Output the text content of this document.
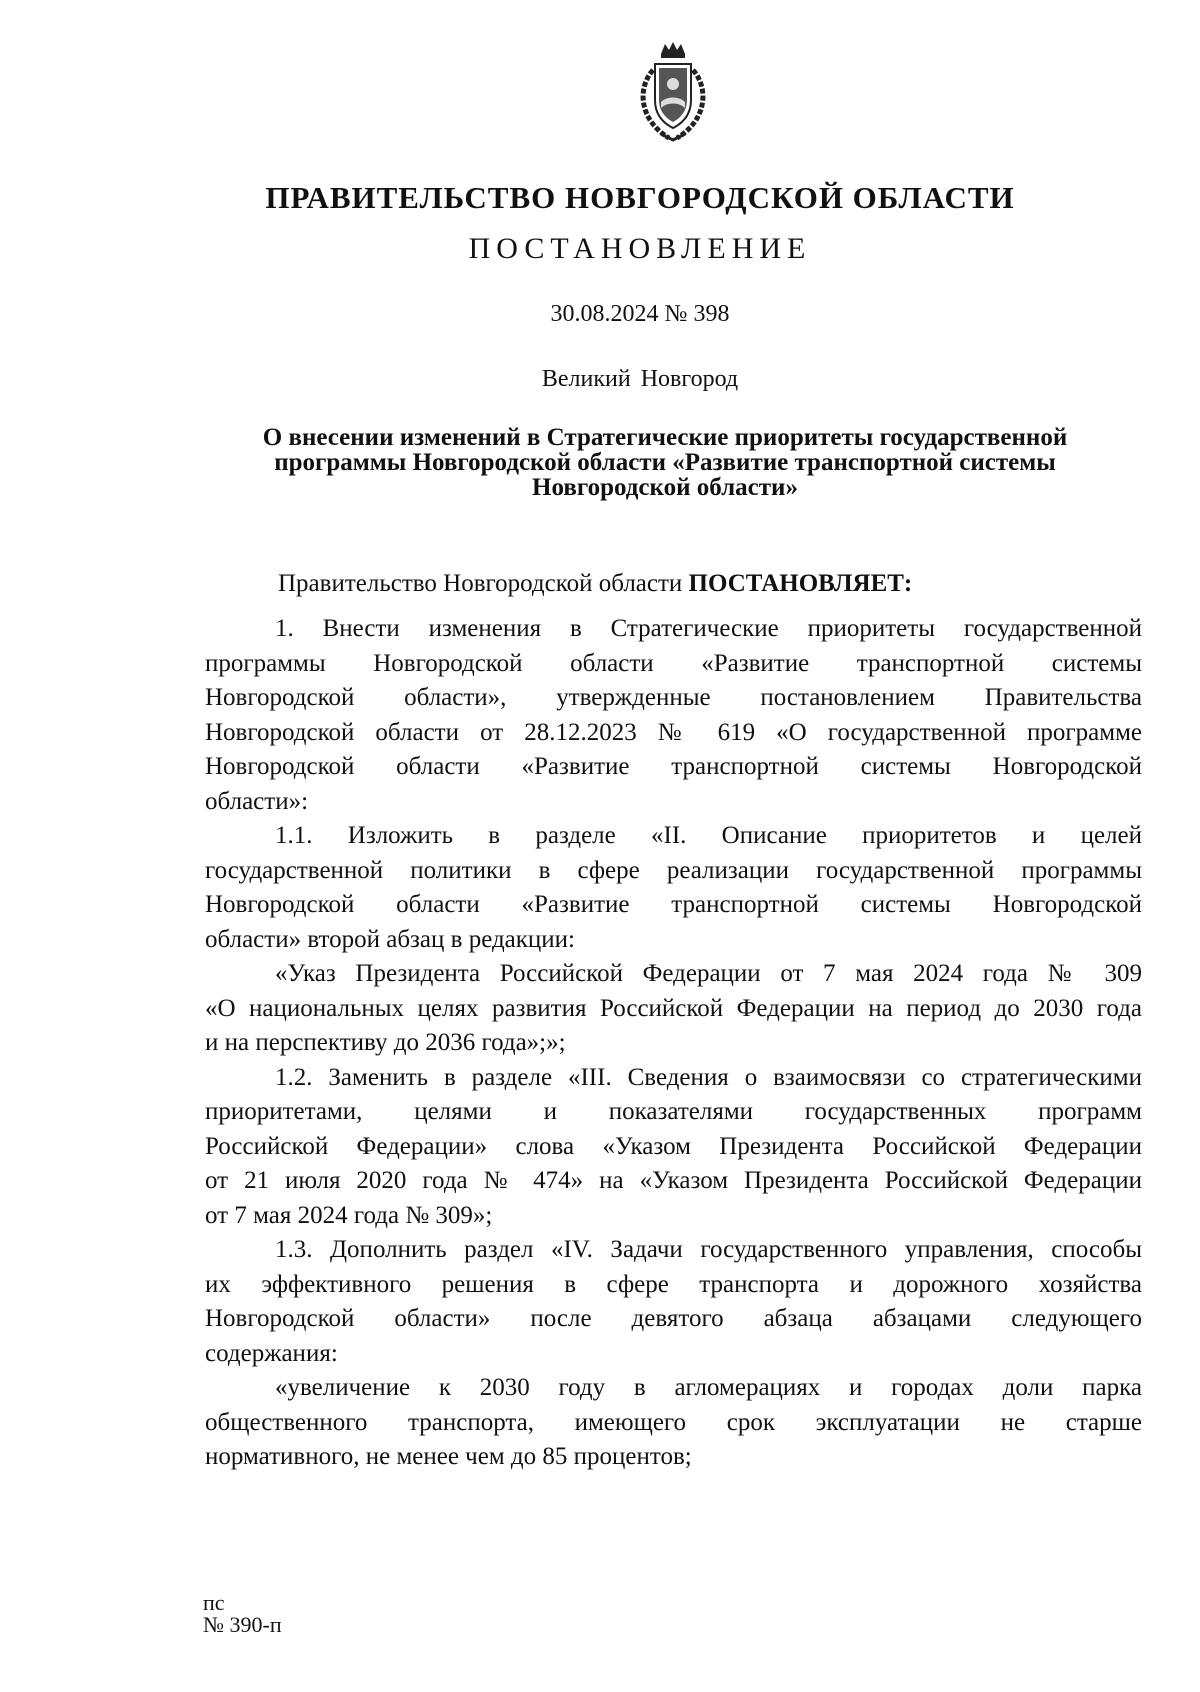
ПРАВИТЕЛЬСТВО НОВГОРОДСКОЙ ОБЛАСТИ
ПОСТАНОВЛЕНИЕ
30.08.2024 № 398
Великий Новгород
О внесении изменений в Стратегические приоритеты государственной
программы Новгородской области «Развитие транспортной системы
Новгородской области»
Правительство Новгородской области ПОСТАНОВЛЯЕТ:

1. Внести изменения в Стратегические приоритеты государственной
программы Новгородской области «Развитие транспортной системы
Новгородской области», утвержденные постановлением Правительства
Новгородской области от 28.12.2023 № 619 «О государственной программе
Новгородской области «Развитие транспортной системы Новгородской
области»:

1.1. Изложить в разделе «II. Описание приоритетов и целей
государственной политики в сфере реализации государственной программы
Новгородской области «Развитие транспортной системы Новгородской
области» второй абзац в редакции:

«Указ Президента Российской Федерации от 7 мая 2024 года № 309
«О национальных целях развития Российской Федерации на период до 2030 года
и на перспективу до 2036 года»;»;

1.2. Заменить в разделе «III. Сведения о взаимосвязи со стратегическими
приоритетами, целями и показателями государственных программ
Российской Федерации» слова «Указом Президента Российской Федерации
от 21 июля 2020 года № 474» на «Указом Президента Российской Федерации
от 7 мая 2024 года № 309»;

1.3. Дополнить раздел «IV. Задачи государственного управления, способы
их эффективного решения в сфере транспорта и дорожного хозяйства
Новгородской области» после девятого абзаца абзацами следующего
содержания:

«увеличение к 2030 году в агломерациях и городах доли парка
общественного транспорта, имеющего срок эксплуатации не старше
нормативного, не менее чем до 85 процентов;

пс
№ 390-п
